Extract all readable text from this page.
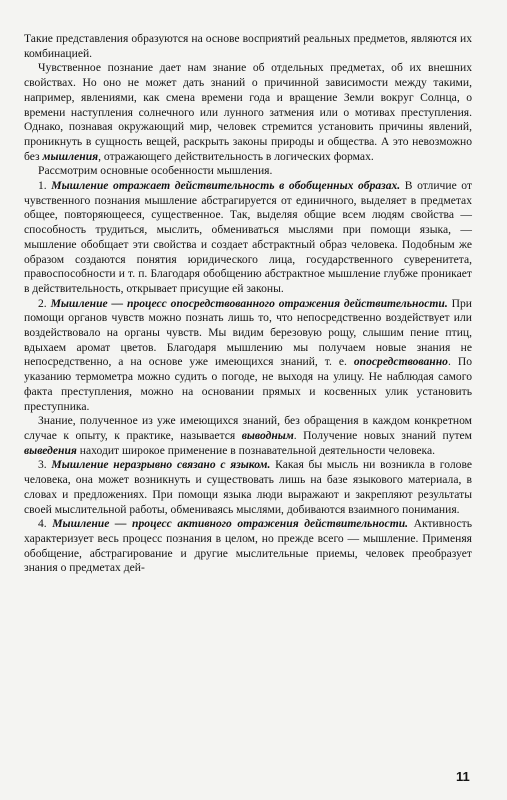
Такие представления образуются на основе восприятий реальных предметов, являются их комбинацией.

Чувственное познание дает нам знание об отдельных предметах, об их внешних свойствах. Но оно не может дать знаний о причинной зависимости между такими, например, явлениями, как смена времени года и вращение Земли вокруг Солнца, о времени наступления солнечного или лунного затмения или о мотивах преступления. Однако, познавая окружающий мир, человек стремится установить причины явлений, проникнуть в сущность вещей, раскрыть законы природы и общества. А это невозможно без мышления, отражающего действительность в логических формах.

Рассмотрим основные особенности мышления.

1. Мышление отражает действительность в обобщенных образах. В отличие от чувственного познания мышление абстрагируется от единичного, выделяет в предметах общее, повторяющееся, существенное. Так, выделяя общие всем людям свойства — способность трудиться, мыслить, обмениваться мыслями при помощи языка, — мышление обобщает эти свойства и создает абстрактный образ человека. Подобным же образом создаются понятия юридического лица, государственного суверенитета, правоспособности и т. п. Благодаря обобщению абстрактное мышление глубже проникает в действительность, открывает присущие ей законы.

2. Мышление — процесс опосредствованного отражения действительности. При помощи органов чувств можно познать лишь то, что непосредственно воздействует или воздействовало на органы чувств. Мы видим березовую рощу, слышим пение птиц, вдыхаем аромат цветов. Благодаря мышлению мы получаем новые знания не непосредственно, а на основе уже имеющихся знаний, т. е. опосредствованно. По указанию термометра можно судить о погоде, не выходя на улицу. Не наблюдая самого факта преступления, можно на основании прямых и косвенных улик установить преступника.

Знание, полученное из уже имеющихся знаний, без обращения в каждом конкретном случае к опыту, к практике, называется выводным. Получение новых знаний путем выведения находит широкое применение в познавательной деятельности человека.

3. Мышление неразрывно связано с языком. Какая бы мысль ни возникла в голове человека, она может возникнуть и существовать лишь на базе языкового материала, в словах и предложениях. При помощи языка люди выражают и закрепляют результаты своей мыслительной работы, обмениваясь мыслями, добиваются взаимного понимания.

4. Мышление — процесс активного отражения действительности. Активность характеризует весь процесс познания в целом, но прежде всего — мышление. Применяя обобщение, абстрагирование и другие мыслительные приемы, человек преобразует знания о предметах дей-

11
